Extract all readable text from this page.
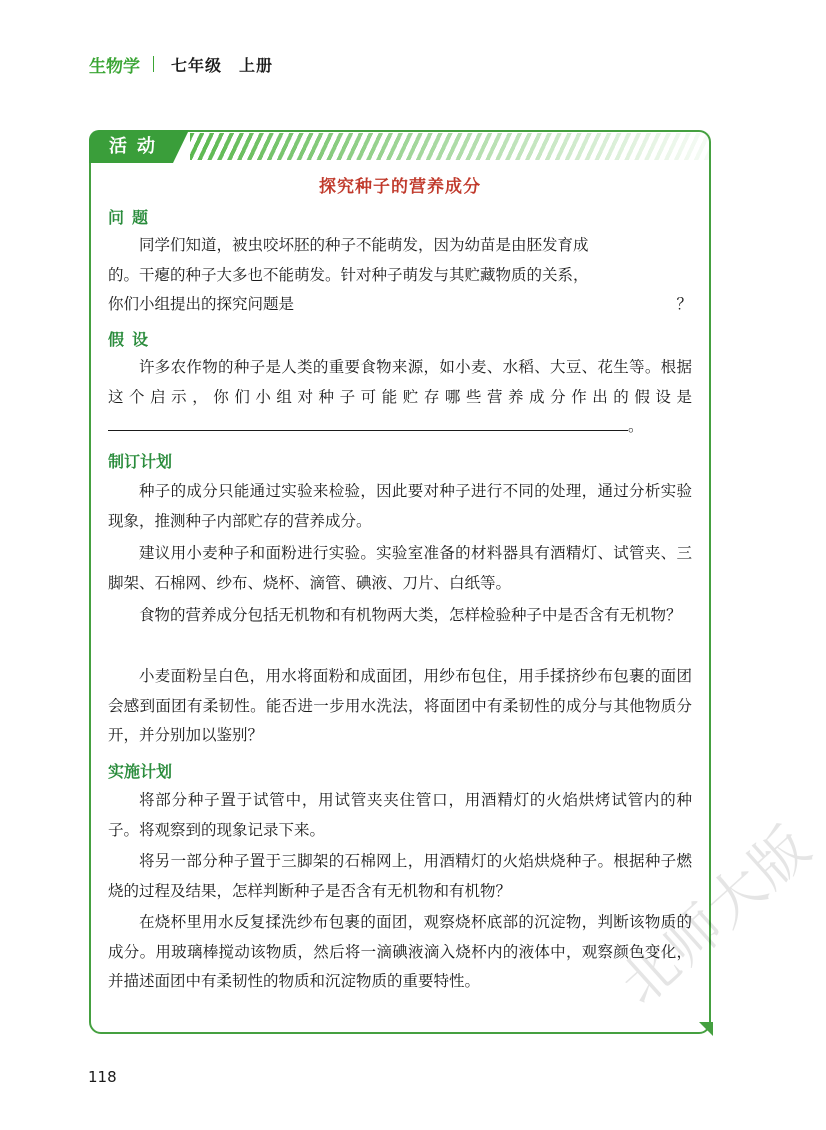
生物学 七年级　上册
活动
探究种子的营养成分
问题
同学们知道，被虫咬坏胚的种子不能萌发，因为幼苗是由胚发育成
的。干瘪的种子大多也不能萌发。针对种子萌发与其贮藏物质的关系，
你们小组提出的探究问题是	？
假设
许多农作物的种子是人类的重要食物来源，如小麦、水稻、大豆、花生等。根据这个启示，你们小组对种子可能贮存哪些营养成分作出的假设是。
制订计划
种子的成分只能通过实验来检验，因此要对种子进行不同的处理，通过分析实验现象，推测种子内部贮存的营养成分。
建议用小麦种子和面粉进行实验。实验室准备的材料器具有酒精灯、试管夹、三脚架、石棉网、纱布、烧杯、滴管、碘液、刀片、白纸等。
食物的营养成分包括无机物和有机物两大类，怎样检验种子中是否含有无机物？
小麦面粉呈白色，用水将面粉和成面团，用纱布包住，用手揉挤纱布包裹的面团会感到面团有柔韧性。能否进一步用水洗法，将面团中有柔韧性的成分与其他物质分开，并分别加以鉴别？
实施计划
将部分种子置于试管中，用试管夹夹住管口，用酒精灯的火焰烘烤试管内的种子。将观察到的现象记录下来。
将另一部分种子置于三脚架的石棉网上，用酒精灯的火焰烘烧种子。根据种子燃烧的过程及结果，怎样判断种子是否含有无机物和有机物？
在烧杯里用水反复揉洗纱布包裹的面团，观察烧杯底部的沉淀物，判断该物质的成分。用玻璃棒搅动该物质，然后将一滴碘液滴入烧杯内的液体中，观察颜色变化，并描述面团中有柔韧性的物质和沉淀物质的重要特性。
118
北师大版
